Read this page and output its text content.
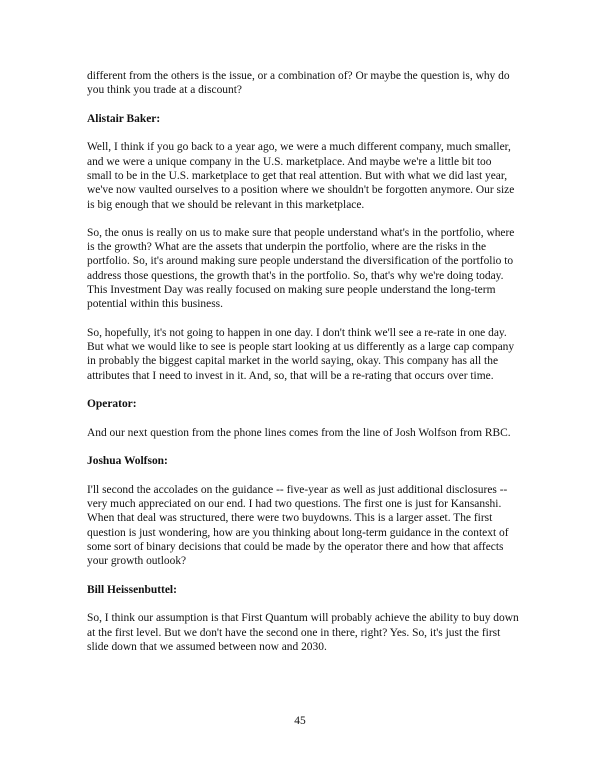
different from the others is the issue, or a combination of? Or maybe the question is, why do you think you trade at a discount?

Alistair Baker:

Well, I think if you go back to a year ago, we were a much different company, much smaller, and we were a unique company in the U.S. marketplace. And maybe we're a little bit too small to be in the U.S. marketplace to get that real attention. But with what we did last year, we've now vaulted ourselves to a position where we shouldn't be forgotten anymore. Our size is big enough that we should be relevant in this marketplace.

So, the onus is really on us to make sure that people understand what's in the portfolio, where is the growth? What are the assets that underpin the portfolio, where are the risks in the portfolio. So, it's around making sure people understand the diversification of the portfolio to address those questions, the growth that's in the portfolio. So, that's why we're doing today. This Investment Day was really focused on making sure people understand the long-term potential within this business.

So, hopefully, it's not going to happen in one day. I don't think we'll see a re-rate in one day. But what we would like to see is people start looking at us differently as a large cap company in probably the biggest capital market in the world saying, okay. This company has all the attributes that I need to invest in it. And, so, that will be a re-rating that occurs over time.

Operator:

And our next question from the phone lines comes from the line of Josh Wolfson from RBC.

Joshua Wolfson:

I'll second the accolades on the guidance -- five-year as well as just additional disclosures -- very much appreciated on our end. I had two questions. The first one is just for Kansanshi. When that deal was structured, there were two buydowns. This is a larger asset. The first question is just wondering, how are you thinking about long-term guidance in the context of some sort of binary decisions that could be made by the operator there and how that affects your growth outlook?

Bill Heissenbuttel:

So, I think our assumption is that First Quantum will probably achieve the ability to buy down at the first level. But we don't have the second one in there, right? Yes. So, it's just the first slide down that we assumed between now and 2030.

45
